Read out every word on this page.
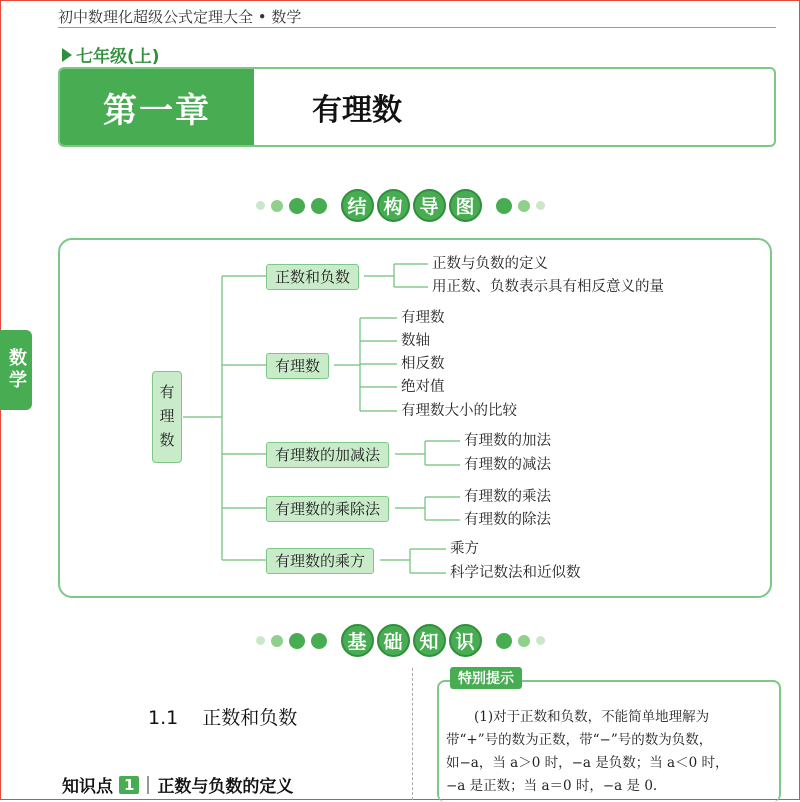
初中数理化超级公式定理大全 • 数学
七年级(上)
第一章	有理数
结 构 导 图
有
理
数
正数和负数
正数与负数的定义
用正数、负数表示具有相反意义的量
有理数
有理数
数轴
相反数
绝对值
有理数大小的比较
有理数的加减法
有理数的加法
有理数的减法
有理数的乘除法
有理数的乘法
有理数的除法
有理数的乘方
乘方
科学记数法和近似数
数学
基 础 知 识
1.1 正数和负数
知识点 1 正数与负数的定义
特别提示
(1)对于正数和负数，不能简单地理解为
带“+”号的数为正数，带“−”号的数为负数，
如−a，当 a＞0 时，−a 是负数；当 a＜0 时，
−a 是正数；当 a＝0 时，−a 是 0.
